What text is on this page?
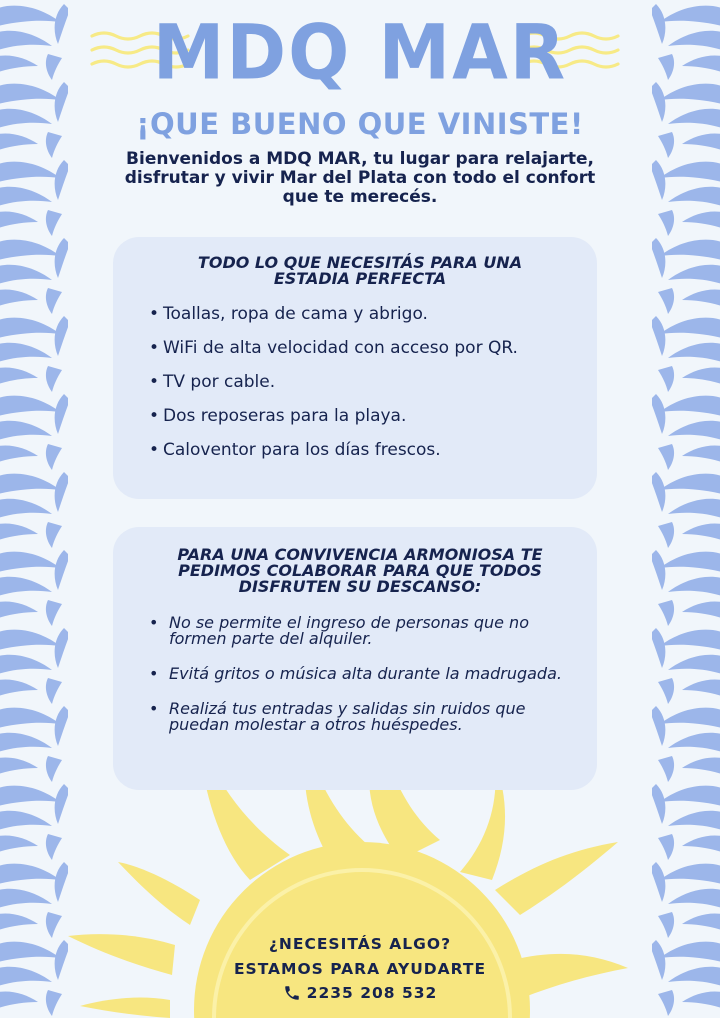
MDQ MAR
¡QUE BUENO QUE VINISTE!

Bienvenidos a MDQ MAR, tu lugar para relajarte, disfrutar y vivir Mar del Plata con todo el confort que te merecés.

TODO LO QUE NECESITÁS PARA UNA ESTADIA PERFECTA
• Toallas, ropa de cama y abrigo.
• WiFi de alta velocidad con acceso por QR.
• TV por cable.
• Dos reposeras para la playa.
• Caloventor para los días frescos.
PARA UNA CONVIVENCIA ARMONIOSA TE PEDIMOS COLABORAR PARA QUE TODOS DISFRUTEN SU DESCANSO:
• No se permite el ingreso de personas que no formen parte del alquiler.
• Evitá gritos o música alta durante la madrugada.
• Realizá tus entradas y salidas sin ruidos que puedan molestar a otros huéspedes.
¿NECESITÁS ALGO?
ESTAMOS PARA AYUDARTE
2235 208 532
